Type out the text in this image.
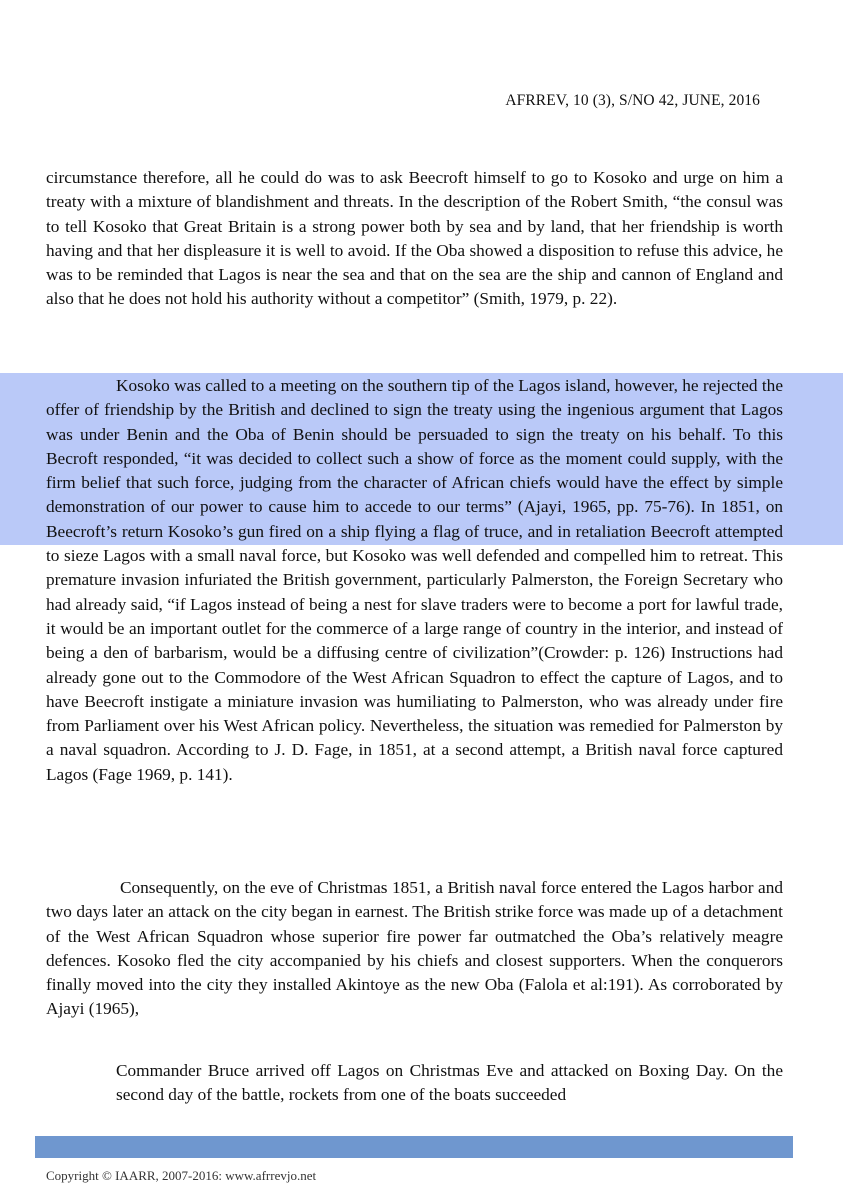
AFRREV, 10 (3), S/NO 42, JUNE, 2016

circumstance therefore, all he could do was to ask Beecroft himself to go to Kosoko and urge on him a treaty with a mixture of blandishment and threats. In the description of the Robert Smith, “the consul was to tell Kosoko that Great Britain is a strong power both by sea and by land, that her friendship is worth having and that her displeasure it is well to avoid. If the Oba showed a disposition to refuse this advice, he was to be reminded that Lagos is near the sea and that on the sea are the ship and cannon of England and also that he does not hold his authority without a competitor” (Smith, 1979, p. 22).

Kosoko was called to a meeting on the southern tip of the Lagos island, however, he rejected the offer of friendship by the British and declined to sign the treaty using the ingenious argument that Lagos was under Benin and the Oba of Benin should be persuaded to sign the treaty on his behalf. To this Becroft responded, “it was decided to collect such a show of force as the moment could supply, with the firm belief that such force, judging from the character of African chiefs would have the effect by simple demonstration of our power to cause him to accede to our terms” (Ajayi, 1965, pp. 75-76). In 1851, on Beecroft’s return Kosoko’s gun fired on a ship flying a flag of truce, and in retaliation Beecroft attempted to sieze Lagos with a small naval force, but Kosoko was well defended and compelled him to retreat. This premature invasion infuriated the British government, particularly Palmerston, the Foreign Secretary who had already said, “if Lagos instead of being a nest for slave traders were to become a port for lawful trade, it would be an important outlet for the commerce of a large range of country in the interior, and instead of being a den of barbarism, would be a diffusing centre of civilization”(Crowder: p. 126) Instructions had already gone out to the Commodore of the West African Squadron to effect the capture of Lagos, and to have Beecroft instigate a miniature invasion was humiliating to Palmerston, who was already under fire from Parliament over his West African policy. Nevertheless, the situation was remedied for Palmerston by a naval squadron. According to J. D. Fage, in 1851, at a second attempt, a British naval force captured Lagos (Fage 1969, p. 141).

Consequently, on the eve of Christmas 1851, a British naval force entered the Lagos harbor and two days later an attack on the city began in earnest. The British strike force was made up of a detachment of the West African Squadron whose superior fire power far outmatched the Oba’s relatively meagre defences. Kosoko fled the city accompanied by his chiefs and closest supporters. When the conquerors finally moved into the city they installed Akintoye as the new Oba (Falola et al:191). As corroborated by Ajayi (1965),

Commander Bruce arrived off Lagos on Christmas Eve and attacked on Boxing Day. On the second day of the battle, rockets from one of the boats succeeded

Copyright © IAARR, 2007-2016: www.afrrevjo.net
